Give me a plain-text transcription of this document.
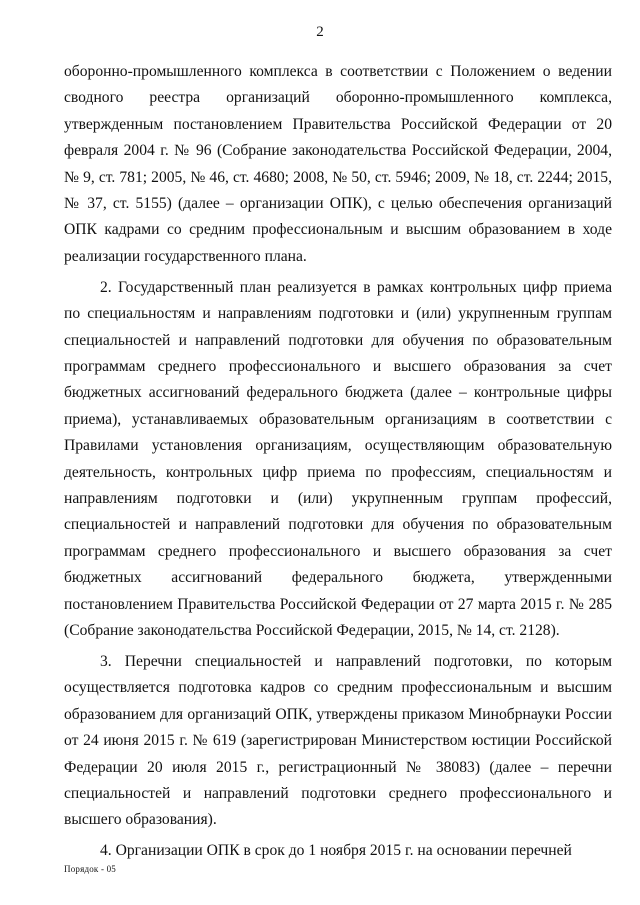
2

оборонно-промышленного комплекса в соответствии с Положением о ведении сводного реестра организаций оборонно-промышленного комплекса, утвержденным постановлением Правительства Российской Федерации от 20 февраля 2004 г. № 96 (Собрание законодательства Российской Федерации, 2004, № 9, ст. 781; 2005, № 46, ст. 4680; 2008, № 50, ст. 5946; 2009, № 18, ст. 2244; 2015, № 37, ст. 5155) (далее – организации ОПК), с целью обеспечения организаций ОПК кадрами со средним профессиональным и высшим образованием в ходе реализации государственного плана.

2. Государственный план реализуется в рамках контрольных цифр приема по специальностям и направлениям подготовки и (или) укрупненным группам специальностей и направлений подготовки для обучения по образовательным программам среднего профессионального и высшего образования за счет бюджетных ассигнований федерального бюджета (далее – контрольные цифры приема), устанавливаемых образовательным организациям в соответствии с Правилами установления организациям, осуществляющим образовательную деятельность, контрольных цифр приема по профессиям, специальностям и направлениям подготовки и (или) укрупненным группам профессий, специальностей и направлений подготовки для обучения по образовательным программам среднего профессионального и высшего образования за счет бюджетных ассигнований федерального бюджета, утвержденными постановлением Правительства Российской Федерации от 27 марта 2015 г. № 285 (Собрание законодательства Российской Федерации, 2015, № 14, ст. 2128).

3. Перечни специальностей и направлений подготовки, по которым осуществляется подготовка кадров со средним профессиональным и высшим образованием для организаций ОПК, утверждены приказом Минобрнауки России от 24 июня 2015 г. № 619 (зарегистрирован Министерством юстиции Российской Федерации 20 июля 2015 г., регистрационный № 38083) (далее – перечни специальностей и направлений подготовки среднего профессионального и высшего образования).

4. Организации ОПК в срок до 1 ноября 2015 г. на основании перечней

Порядок - 05
